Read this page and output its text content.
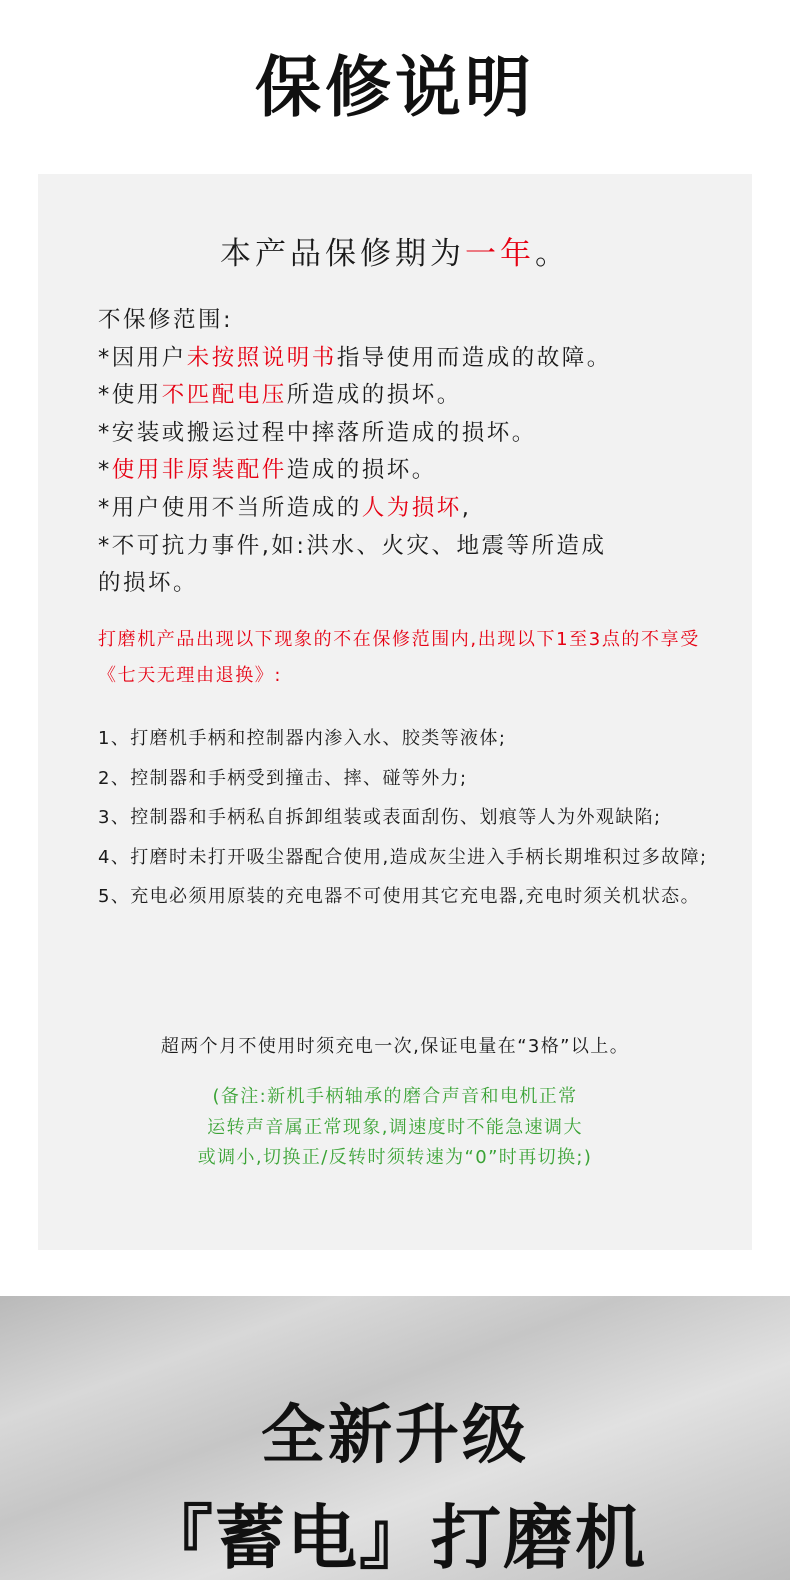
保修说明
本产品保修期为一年。
不保修范围:
*因用户未按照说明书指导使用而造成的故障。
*使用不匹配电压所造成的损坏。
*安装或搬运过程中摔落所造成的损坏。
*使用非原装配件造成的损坏。
*用户使用不当所造成的人为损坏,
*不可抗力事件,如:洪水、火灾、地震等所造成
的损坏。

打磨机产品出现以下现象的不在保修范围内,出现以下1至3点的不享受《七天无理由退换》:

1、打磨机手柄和控制器内渗入水、胶类等液体;

2、控制器和手柄受到撞击、摔、碰等外力;

3、控制器和手柄私自拆卸组装或表面刮伤、划痕等人为外观缺陷;

4、打磨时未打开吸尘器配合使用,造成灰尘进入手柄长期堆积过多故障;

5、充电必须用原装的充电器不可使用其它充电器,充电时须关机状态。

超两个月不使用时须充电一次,保证电量在“3格”以上。
(备注:新机手柄轴承的磨合声音和电机正常
运转声音属正常现象,调速度时不能急速调大
或调小,切换正/反转时须转速为“0”时再切换;)
全新升级
『蓄电』打磨机
